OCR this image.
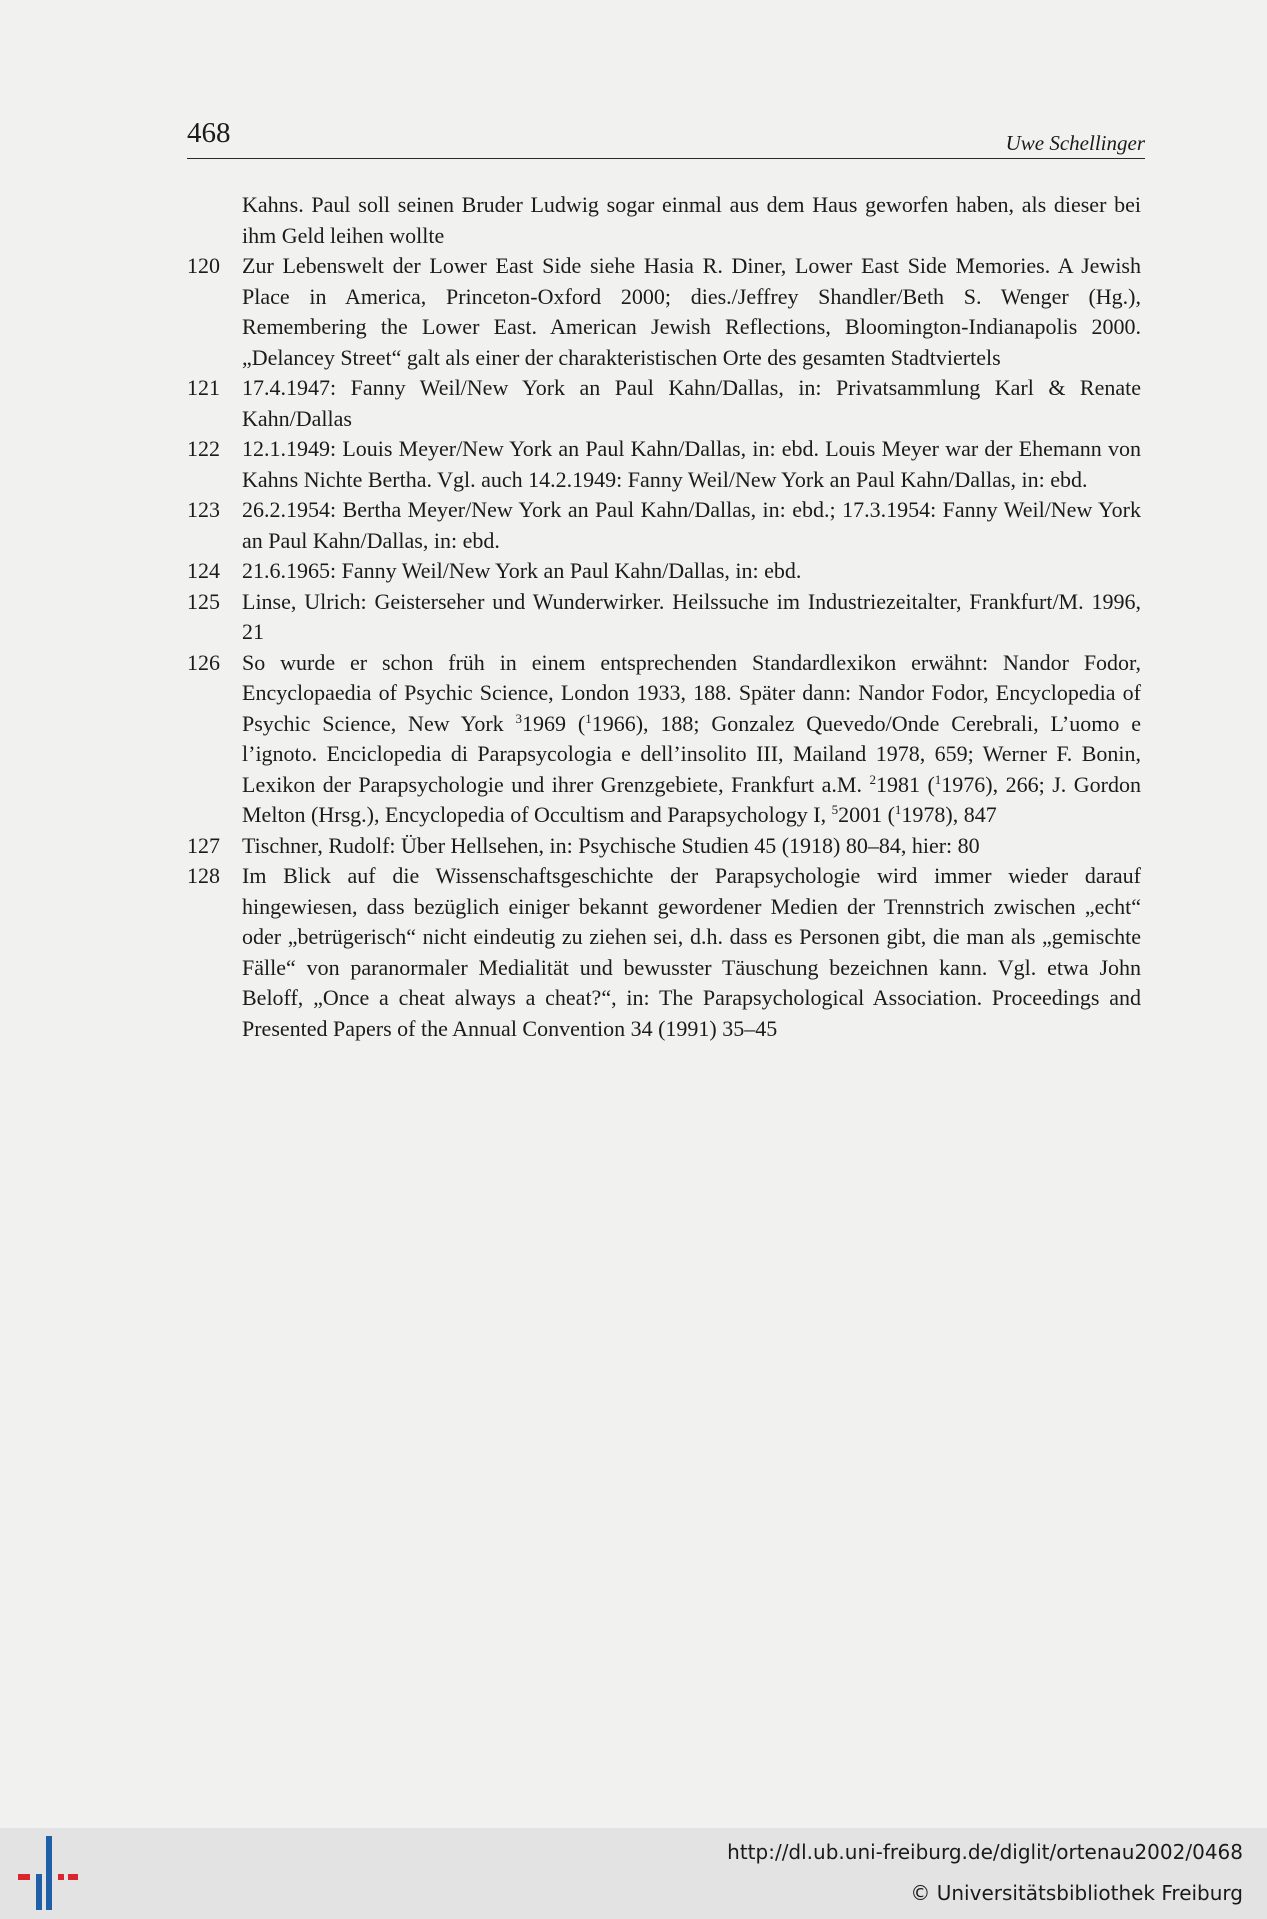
468	Uwe Schellinger
Kahns. Paul soll seinen Bruder Ludwig sogar einmal aus dem Haus geworfen haben, als dieser bei ihm Geld leihen wollte
120 Zur Lebenswelt der Lower East Side siehe Hasia R. Diner, Lower East Side Memories. A Jewish Place in America, Princeton-Oxford 2000; dies./Jeffrey Shandler/Beth S. Wenger (Hg.), Remembering the Lower East. American Jewish Reflections, Bloomington-Indianapolis 2000. „Delancey Street“ galt als einer der charakteristischen Orte des gesamten Stadtviertels
121 17.4.1947: Fanny Weil/New York an Paul Kahn/Dallas, in: Privatsammlung Karl & Renate Kahn/Dallas
122 12.1.1949: Louis Meyer/New York an Paul Kahn/Dallas, in: ebd. Louis Meyer war der Ehemann von Kahns Nichte Bertha. Vgl. auch 14.2.1949: Fanny Weil/New York an Paul Kahn/Dallas, in: ebd.
123 26.2.1954: Bertha Meyer/New York an Paul Kahn/Dallas, in: ebd.; 17.3.1954: Fanny Weil/New York an Paul Kahn/Dallas, in: ebd.
124 21.6.1965: Fanny Weil/New York an Paul Kahn/Dallas, in: ebd.
125 Linse, Ulrich: Geisterseher und Wunderwirker. Heilssuche im Industriezeitalter, Frankfurt/M. 1996, 21
126 So wurde er schon früh in einem entsprechenden Standardlexikon erwähnt: Nandor Fodor, Encyclopaedia of Psychic Science, London 1933, 188. Später dann: Nandor Fodor, Encyclopedia of Psychic Science, New York $^3$1969 ($^1$1966), 188; Gonzalez Quevedo/Onde Cerebrali, L’uomo e l’ignoto. Enciclopedia di Parapsycologia e dell’insolito III, Mailand 1978, 659; Werner F. Bonin, Lexikon der Parapsychologie und ihrer Grenzgebiete, Frankfurt a.M. $^2$1981 ($^1$1976), 266; J. Gordon Melton (Hrsg.), Encyclopedia of Occultism and Parapsychology I, $^5$2001 ($^1$1978), 847
127 Tischner, Rudolf: Über Hellsehen, in: Psychische Studien 45 (1918) 80–84, hier: 80
128 Im Blick auf die Wissenschaftsgeschichte der Parapsychologie wird immer wieder darauf hingewiesen, dass bezüglich einiger bekannt gewordener Medien der Trennstrich zwischen „echt“ oder „betrügerisch“ nicht eindeutig zu ziehen sei, d.h. dass es Personen gibt, die man als „gemischte Fälle“ von paranormaler Medialität und bewusster Täuschung bezeichnen kann. Vgl. etwa John Beloff, „Once a cheat always a cheat?“, in: The Parapsychological Association. Proceedings and Presented Papers of the Annual Convention 34 (1991) 35–45
http://dl.ub.uni-freiburg.de/diglit/ortenau2002/0468
© Universitätsbibliothek Freiburg
